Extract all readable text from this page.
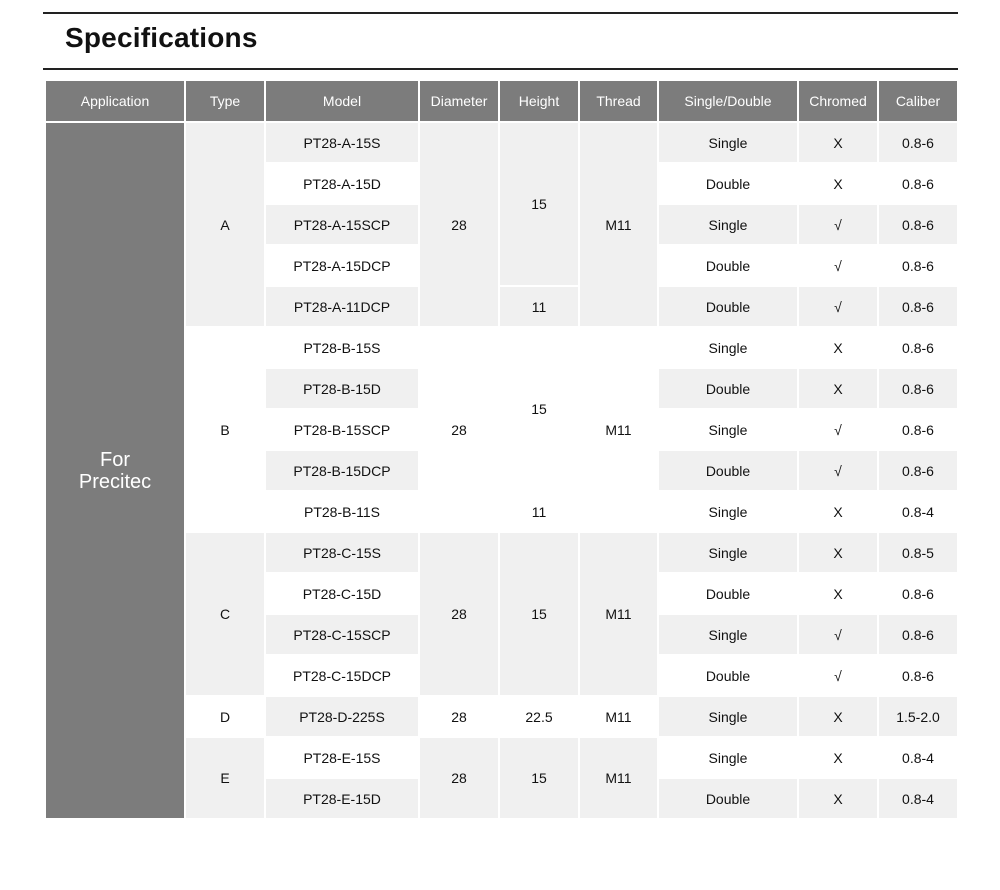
Specifications
Application	Type	Model	Diameter	Height	Thread	Single/Double	Chromed	Caliber
For
Precitec	A	PT28-A-15S	28	15	M11	Single	X	0.8-6
		PT28-A-15D				Double	X	0.8-6
		PT28-A-15SCP				Single	√	0.8-6
		PT28-A-15DCP				Double	√	0.8-6
		PT28-A-11DCP		11		Double	√	0.8-6
	B	PT28-B-15S	28	15	M11	Single	X	0.8-6
		PT28-B-15D				Double	X	0.8-6
		PT28-B-15SCP				Single	√	0.8-6
		PT28-B-15DCP				Double	√	0.8-6
		PT28-B-11S		11		Single	X	0.8-4
	C	PT28-C-15S	28	15	M11	Single	X	0.8-5
		PT28-C-15D				Double	X	0.8-6
		PT28-C-15SCP				Single	√	0.8-6
		PT28-C-15DCP				Double	√	0.8-6
	D	PT28-D-225S	28	22.5	M11	Single	X	1.5-2.0
	E	PT28-E-15S	28	15	M11	Single	X	0.8-4
		PT28-E-15D				Double	X	0.8-4
